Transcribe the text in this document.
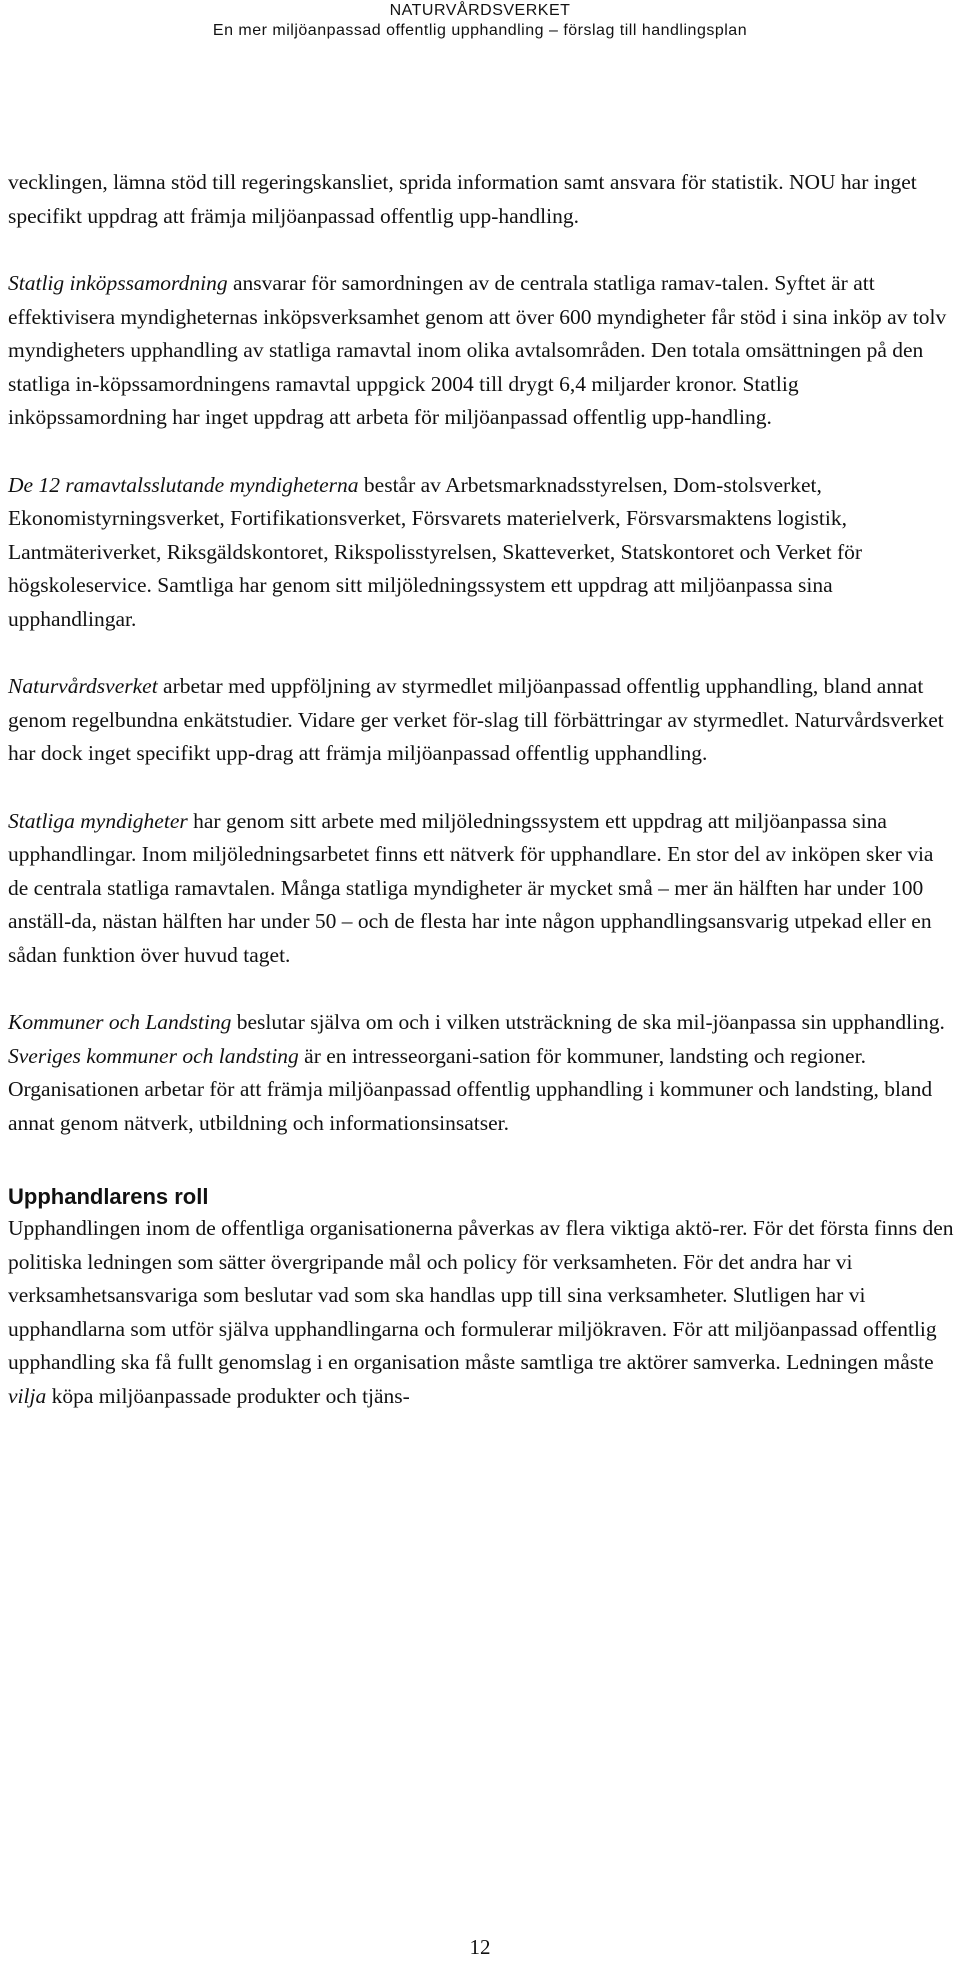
NATURVÅRDSVERKET
En mer miljöanpassad offentlig upphandling – förslag till handlingsplan

vecklingen, lämna stöd till regeringskansliet, sprida information samt ansvara för statistik. NOU har inget specifikt uppdrag att främja miljöanpassad offentlig upp-handling.

Statlig inköpssamordning ansvarar för samordningen av de centrala statliga ramav-talen. Syftet är att effektivisera myndigheternas inköpsverksamhet genom att över 600 myndigheter får stöd i sina inköp av tolv myndigheters upphandling av statliga ramavtal inom olika avtalsområden. Den totala omsättningen på den statliga in-köpssamordningens ramavtal uppgick 2004 till drygt 6,4 miljarder kronor. Statlig inköpssamordning har inget uppdrag att arbeta för miljöanpassad offentlig upp-handling.

De 12 ramavtalsslutande myndigheterna består av Arbetsmarknadsstyrelsen, Dom-stolsverket, Ekonomistyrningsverket, Fortifikationsverket, Försvarets materielverk, Försvarsmaktens logistik, Lantmäteriverket, Riksgäldskontoret, Rikspolisstyrelsen, Skatteverket, Statskontoret och Verket för högskoleservice. Samtliga har genom sitt miljöledningssystem ett uppdrag att miljöanpassa sina upphandlingar.

Naturvårdsverket arbetar med uppföljning av styrmedlet miljöanpassad offentlig upphandling, bland annat genom regelbundna enkätstudier. Vidare ger verket för-slag till förbättringar av styrmedlet. Naturvårdsverket har dock inget specifikt upp-drag att främja miljöanpassad offentlig upphandling.

Statliga myndigheter har genom sitt arbete med miljöledningssystem ett uppdrag att miljöanpassa sina upphandlingar. Inom miljöledningsarbetet finns ett nätverk för upphandlare. En stor del av inköpen sker via de centrala statliga ramavtalen. Många statliga myndigheter är mycket små – mer än hälften har under 100 anställ-da, nästan hälften har under 50 – och de flesta har inte någon upphandlingsansvarig utpekad eller en sådan funktion över huvud taget.

Kommuner och Landsting beslutar själva om och i vilken utsträckning de ska mil-jöanpassa sin upphandling. Sveriges kommuner och landsting är en intresseorgani-sation för kommuner, landsting och regioner. Organisationen arbetar för att främja miljöanpassad offentlig upphandling i kommuner och landsting, bland annat genom nätverk, utbildning och informationsinsatser.

Upphandlarens roll

Upphandlingen inom de offentliga organisationerna påverkas av flera viktiga aktö-rer. För det första finns den politiska ledningen som sätter övergripande mål och policy för verksamheten. För det andra har vi verksamhetsansvariga som beslutar vad som ska handlas upp till sina verksamheter. Slutligen har vi upphandlarna som utför själva upphandlingarna och formulerar miljökraven. För att miljöanpassad offentlig upphandling ska få fullt genomslag i en organisation måste samtliga tre aktörer samverka. Ledningen måste vilja köpa miljöanpassade produkter och tjäns-

12
